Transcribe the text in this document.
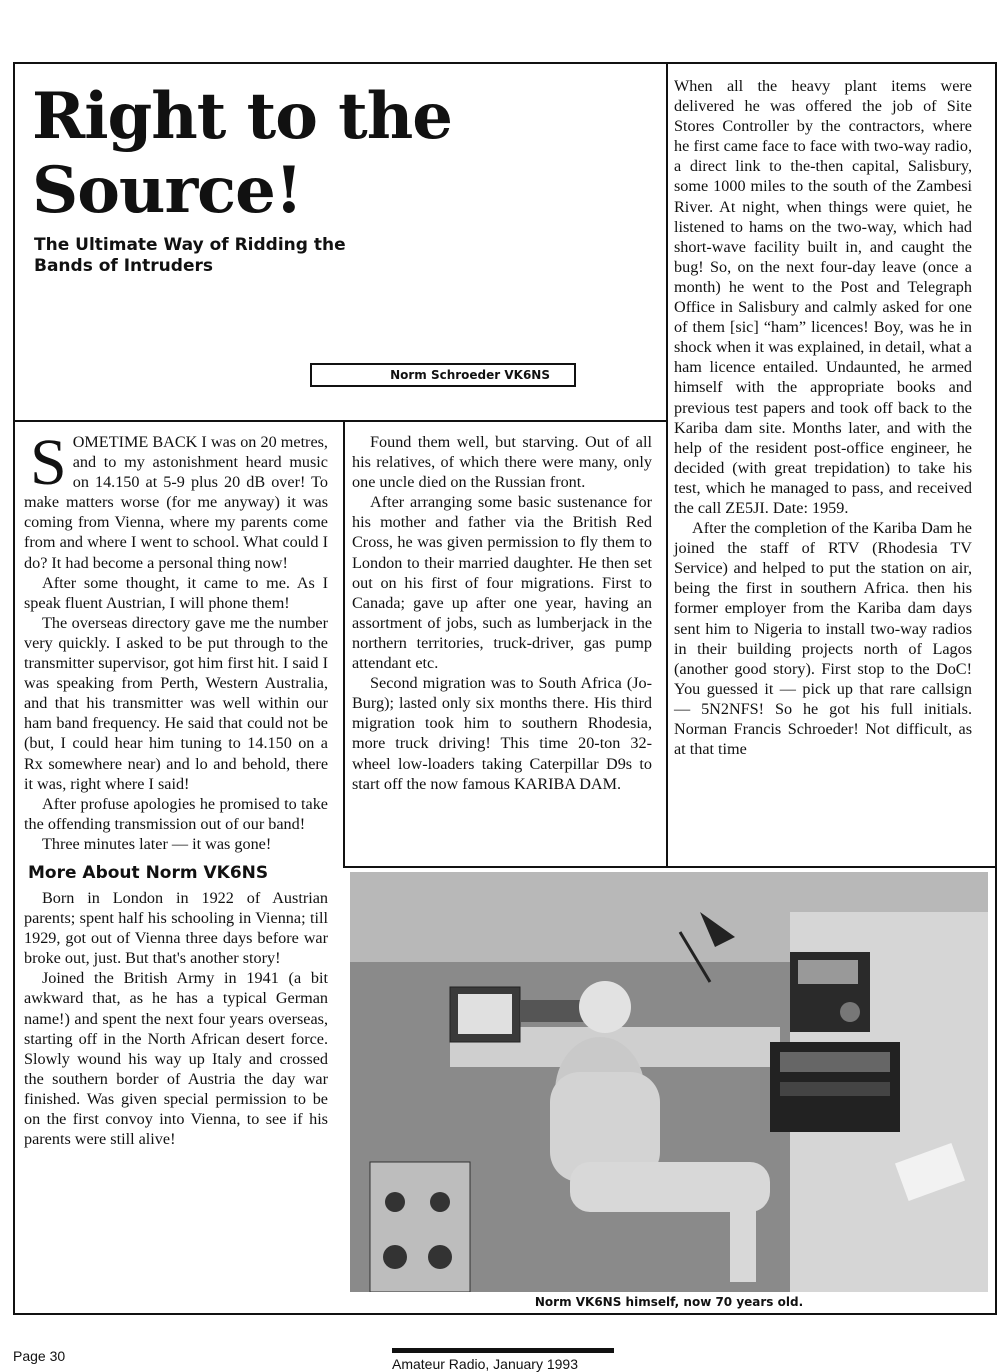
Right to the Source!
The Ultimate Way of Ridding the Bands of Intruders
Norm Schroeder VK6NS

SOMETIME BACK I was on 20 metres, and to my astonishment heard music on 14.150 at 5-9 plus 20 dB over! To make matters worse (for me anyway) it was coming from Vienna, where my parents come from and where I went to school. What could I do? It had become a personal thing now!

After some thought, it came to me. As I speak fluent Austrian, I will phone them!

The overseas directory gave me the number very quickly. I asked to be put through to the transmitter supervisor, got him first hit. I said I was speaking from Perth, Western Australia, and that his transmitter was well within our ham band frequency. He said that could not be (but, I could hear him tuning to 14.150 on a Rx somewhere near) and lo and behold, there it was, right where I said!

After profuse apologies he promised to take the offending transmission out of our band!

Three minutes later — it was gone!

More About Norm VK6NS

Born in London in 1922 of Austrian parents; spent half his schooling in Vienna; till 1929, got out of Vienna three days before war broke out, just. But that's another story!

Joined the British Army in 1941 (a bit awkward that, as he has a typical German name!) and spent the next four years overseas, starting off in the North African desert force. Slowly wound his way up Italy and crossed the southern border of Austria the day war finished. Was given special permission to be on the first convoy into Vienna, to see if his parents were still alive!

Found them well, but starving. Out of all his relatives, of which there were many, only one uncle died on the Russian front.

After arranging some basic sustenance for his mother and father via the British Red Cross, he was given permission to fly them to London to their married daughter. He then set out on his first of four migrations. First to Canada; gave up after one year, having an assortment of jobs, such as lumberjack in the northern territories, truck-driver, gas pump attendant etc.

Second migration was to South Africa (Jo-Burg); lasted only six months there. His third migration took him to southern Rhodesia, more truck driving! This time 20-ton 32-wheel low-loaders taking Caterpillar D9s to start off the now famous KARIBA DAM.

When all the heavy plant items were delivered he was offered the job of Site Stores Controller by the contractors, where he first came face to face with two-way radio, a direct link to the-then capital, Salisbury, some 1000 miles to the south of the Zambesi River. At night, when things were quiet, he listened to hams on the two-way, which had short-wave facility built in, and caught the bug! So, on the next four-day leave (once a month) he went to the Post and Telegraph Office in Salisbury and calmly asked for one of them [sic] “ham” licences! Boy, was he in shock when it was explained, in detail, what a ham licence entailed. Undaunted, he armed himself with the appropriate books and previous test papers and took off back to the Kariba dam site. Months later, and with the help of the resident post-office engineer, he decided (with great trepidation) to take his test, which he managed to pass, and received the call ZE5JI. Date: 1959.

After the completion of the Kariba Dam he joined the staff of RTV (Rhodesia TV Service) and helped to put the station on air, being the first in southern Africa. then his former employer from the Kariba dam days sent him to Nigeria to install two-way radios in their building projects north of Lagos (another good story). First stop to the DoC! You guessed it — pick up that rare callsign — 5N2NFS! So he got his full initials. Norman Francis Schroeder! Not difficult, as at that time

Norm VK6NS himself, now 70 years old.
Page 30	Amateur Radio, January 1993
